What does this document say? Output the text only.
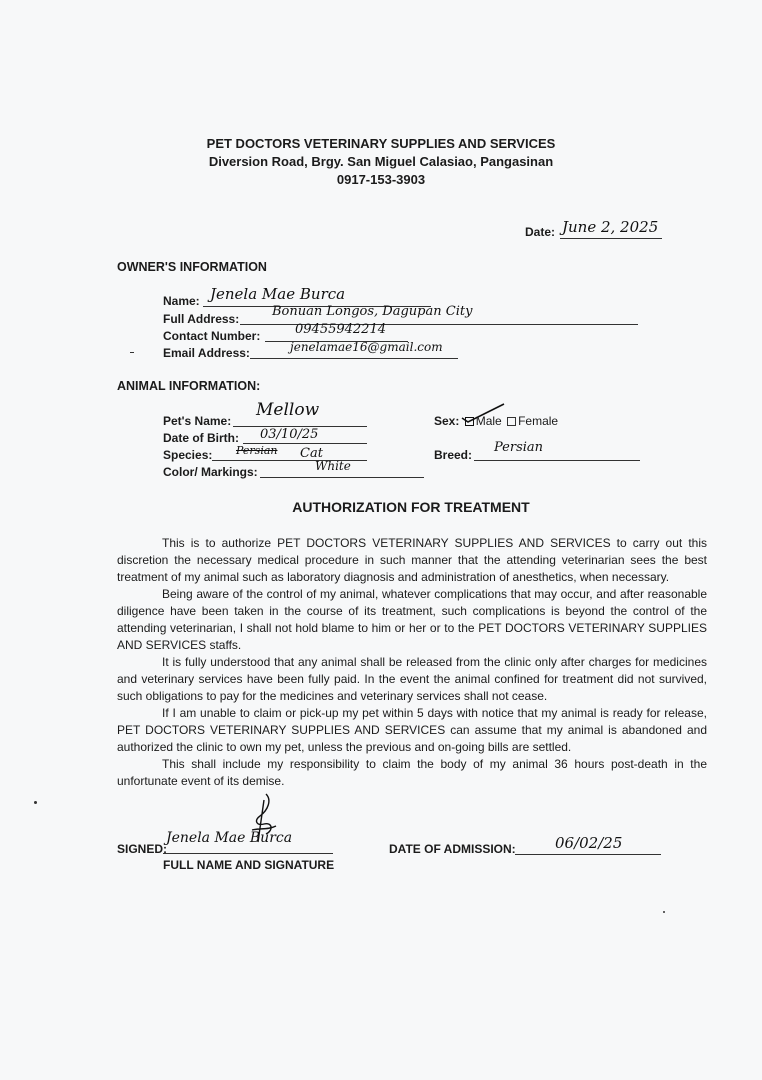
PET DOCTORS VETERINARY SUPPLIES AND SERVICES
Diversion Road, Brgy. San Miguel Calasiao, Pangasinan
0917-153-3903
Date: June 2, 2025
OWNER'S INFORMATION
Name: Jenela Mae Burca
Full Address:	Bonuan Longos, Dagupan City
Contact Number:	09455942214
Email Address:	jenelamae16@gmail.com
ANIMAL INFORMATION:
Pet's Name:
Mellow
Date of Birth: 03/10/25
Species: Persian Cat
Color/ Markings:	White
Sex: Male Female
Breed: Persian
AUTHORIZATION FOR TREATMENT

This is to authorize PET DOCTORS VETERINARY SUPPLIES AND SERVICES to carry out this discretion the necessary medical procedure in such manner that the attending veterinarian sees the best treatment of my animal such as laboratory diagnosis and administration of anesthetics, when necessary.

Being aware of the control of my animal, whatever complications that may occur, and after reasonable diligence have been taken in the course of its treatment, such complications is beyond the control of the attending veterinarian, I shall not hold blame to him or her or to the PET DOCTORS VETERINARY SUPPLIES AND SERVICES staffs.

It is fully understood that any animal shall be released from the clinic only after charges for medicines and veterinary services have been fully paid. In the event the animal confined for treatment did not survived, such obligations to pay for the medicines and veterinary services shall not cease.

If I am unable to claim or pick-up my pet within 5 days with notice that my animal is ready for release, PET DOCTORS VETERINARY SUPPLIES AND SERVICES can assume that my animal is abandoned and authorized the clinic to own my pet, unless the previous and on-going bills are settled.

This shall include my responsibility to claim the body of my animal 36 hours post-death in the unfortunate event of its demise.

SIGNED:
Jenela Mae Burca
FULL NAME AND SIGNATURE
DATE OF ADMISSION:	06/02/25
